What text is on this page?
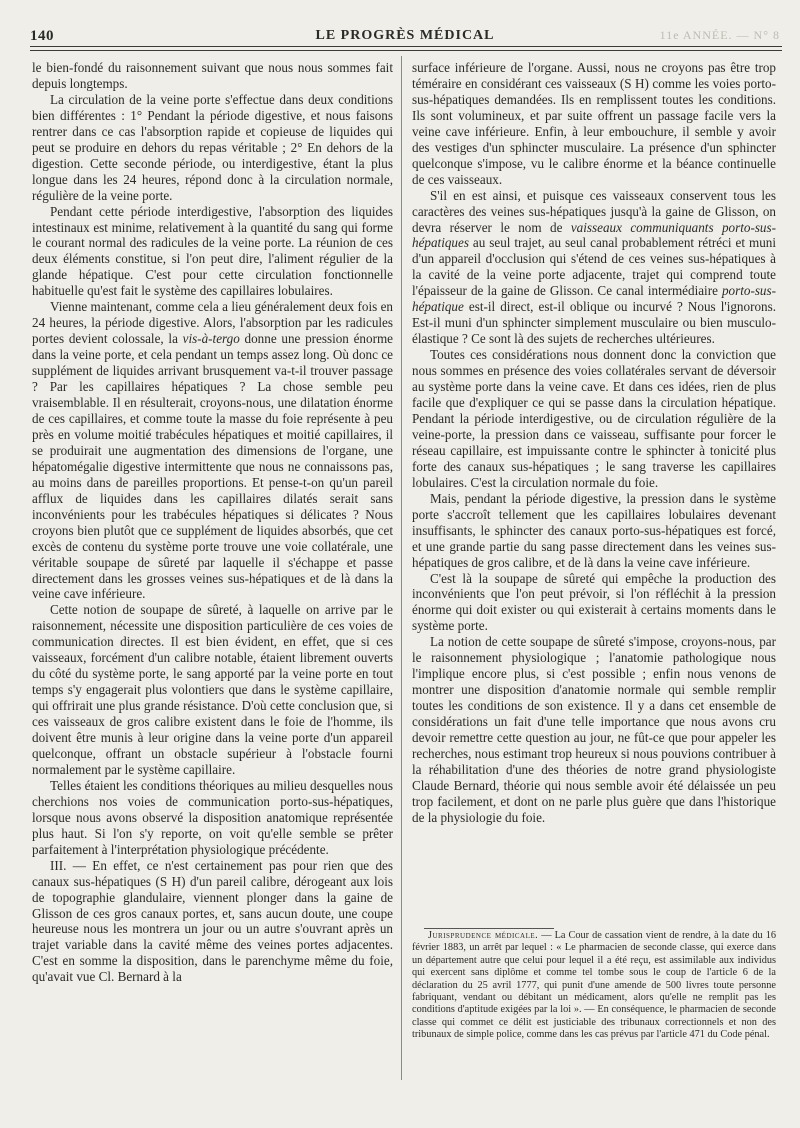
140	LE PROGRÈS MÉDICAL	11e ANNÉE. — N° 8

le bien-fondé du raisonnement suivant que nous nous sommes fait depuis longtemps.

La circulation de la veine porte s'effectue dans deux conditions bien différentes : 1° Pendant la période digestive, et nous faisons rentrer dans ce cas l'absorption rapide et copieuse de liquides qui peut se produire en dehors du repas véritable ; 2° En dehors de la digestion. Cette seconde période, ou interdigestive, étant la plus longue dans les 24 heures, répond donc à la circulation normale, régulière de la veine porte.

Pendant cette période interdigestive, l'absorption des liquides intestinaux est minime, relativement à la quantité du sang qui forme le courant normal des radicules de la veine porte. La réunion de ces deux éléments constitue, si l'on peut dire, l'aliment régulier de la glande hépatique. C'est pour cette circulation fonctionnelle habituelle qu'est fait le système des capillaires lobulaires.

Vienne maintenant, comme cela a lieu généralement deux fois en 24 heures, la période digestive. Alors, l'absorption par les radicules portes devient colossale, la vis-à-tergo donne une pression énorme dans la veine porte, et cela pendant un temps assez long. Où donc ce supplément de liquides arrivant brusquement va-t-il trouver passage ? Par les capillaires hépatiques ? La chose semble peu vraisemblable. Il en résulterait, croyons-nous, une dilatation énorme de ces capillaires, et comme toute la masse du foie représente à peu près en volume moitié trabécules hépatiques et moitié capillaires, il se produirait une augmentation des dimensions de l'organe, une hépatomégalie digestive intermittente que nous ne connaissons pas, au moins dans de pareilles proportions. Et pense-t-on qu'un pareil afflux de liquides dans les capillaires dilatés serait sans inconvénients pour les trabécules hépatiques si délicates ? Nous croyons bien plutôt que ce supplément de liquides absorbés, que cet excès de contenu du système porte trouve une voie collatérale, une véritable soupape de sûreté par laquelle il s'échappe et passe directement dans les grosses veines sus-hépatiques et de là dans la veine cave inférieure.

Cette notion de soupape de sûreté, à laquelle on arrive par le raisonnement, nécessite une disposition particulière de ces voies de communication directes. Il est bien évident, en effet, que si ces vaisseaux, forcément d'un calibre notable, étaient librement ouverts du côté du système porte, le sang apporté par la veine porte en tout temps s'y engagerait plus volontiers que dans le système capillaire, qui offrirait une plus grande résistance. D'où cette conclusion que, si ces vaisseaux de gros calibre existent dans le foie de l'homme, ils doivent être munis à leur origine dans la veine porte d'un appareil quelconque, offrant un obstacle supérieur à l'obstacle fourni normalement par le système capillaire.

Telles étaient les conditions théoriques au milieu desquelles nous cherchions nos voies de communication porto-sus-hépatiques, lorsque nous avons observé la disposition anatomique représentée plus haut. Si l'on s'y reporte, on voit qu'elle semble se prêter parfaitement à l'interprétation physiologique précédente.

III. — En effet, ce n'est certainement pas pour rien que des canaux sus-hépatiques (S H) d'un pareil calibre, dérogeant aux lois de topographie glandulaire, viennent plonger dans la gaine de Glisson de ces gros canaux portes, et, sans aucun doute, une coupe heureuse nous les montrera un jour ou un autre s'ouvrant après un trajet variable dans la cavité même des veines portes adjacentes. C'est en somme la disposition, dans le parenchyme même du foie, qu'avait vue Cl. Bernard à la

surface inférieure de l'organe. Aussi, nous ne croyons pas être trop téméraire en considérant ces vaisseaux (S H) comme les voies porto-sus-hépatiques demandées. Ils en remplissent toutes les conditions. Ils sont volumineux, et par suite offrent un passage facile vers la veine cave inférieure. Enfin, à leur embouchure, il semble y avoir des vestiges d'un sphincter musculaire. La présence d'un sphincter quelconque s'impose, vu le calibre énorme et la béance continuelle de ces vaisseaux.

S'il en est ainsi, et puisque ces vaisseaux conservent tous les caractères des veines sus-hépatiques jusqu'à la gaine de Glisson, on devra réserver le nom de vaisseaux communiquants porto-sus-hépatiques au seul trajet, au seul canal probablement rétréci et muni d'un appareil d'occlusion qui s'étend de ces veines sus-hépatiques à la cavité de la veine porte adjacente, trajet qui comprend toute l'épaisseur de la gaine de Glisson. Ce canal intermédiaire porto-sus-hépatique est-il direct, est-il oblique ou incurvé ? Nous l'ignorons. Est-il muni d'un sphincter simplement musculaire ou bien musculo-élastique ? Ce sont là des sujets de recherches ultérieures.

Toutes ces considérations nous donnent donc la conviction que nous sommes en présence des voies collatérales servant de déversoir au système porte dans la veine cave. Et dans ces idées, rien de plus facile que d'expliquer ce qui se passe dans la circulation hépatique. Pendant la période interdigestive, ou de circulation régulière de la veine-porte, la pression dans ce vaisseau, suffisante pour forcer le réseau capillaire, est impuissante contre le sphincter à tonicité plus forte des canaux sus-hépatiques ; le sang traverse les capillaires lobulaires. C'est la circulation normale du foie.

Mais, pendant la période digestive, la pression dans le système porte s'accroît tellement que les capillaires lobulaires devenant insuffisants, le sphincter des canaux porto-sus-hépatiques est forcé, et une grande partie du sang passe directement dans les veines sus-hépatiques de gros calibre, et de là dans la veine cave inférieure.

C'est là la soupape de sûreté qui empêche la production des inconvénients que l'on peut prévoir, si l'on réfléchit à la pression énorme qui doit exister ou qui existerait à certains moments dans le système porte.

La notion de cette soupape de sûreté s'impose, croyons-nous, par le raisonnement physiologique ; l'anatomie pathologique nous l'implique encore plus, si c'est possible ; enfin nous venons de montrer une disposition d'anatomie normale qui semble remplir toutes les conditions de son existence. Il y a dans cet ensemble de considérations un fait d'une telle importance que nous avons cru devoir remettre cette question au jour, ne fût-ce que pour appeler les recherches, nous estimant trop heureux si nous pouvions contribuer à la réhabilitation d'une des théories de notre grand physiologiste Claude Bernard, théorie qui nous semble avoir été délaissée un peu trop facilement, et dont on ne parle plus guère que dans l'historique de la physiologie du foie.

Jurisprudence médicale. — La Cour de cassation vient de rendre, à la date du 16 février 1883, un arrêt par lequel : « Le pharmacien de seconde classe, qui exerce dans un département autre que celui pour lequel il a été reçu, est assimilable aux individus qui exercent sans diplôme et comme tel tombe sous le coup de l'article 6 de la déclaration du 25 avril 1777, qui punit d'une amende de 500 livres toute personne fabriquant, vendant ou débitant un médicament, alors qu'elle ne remplit pas les conditions d'aptitude exigées par la loi ». — En conséquence, le pharmacien de seconde classe qui commet ce délit est justiciable des tribunaux correctionnels et non des tribunaux de simple police, comme dans les cas prévus par l'article 471 du Code pénal.
